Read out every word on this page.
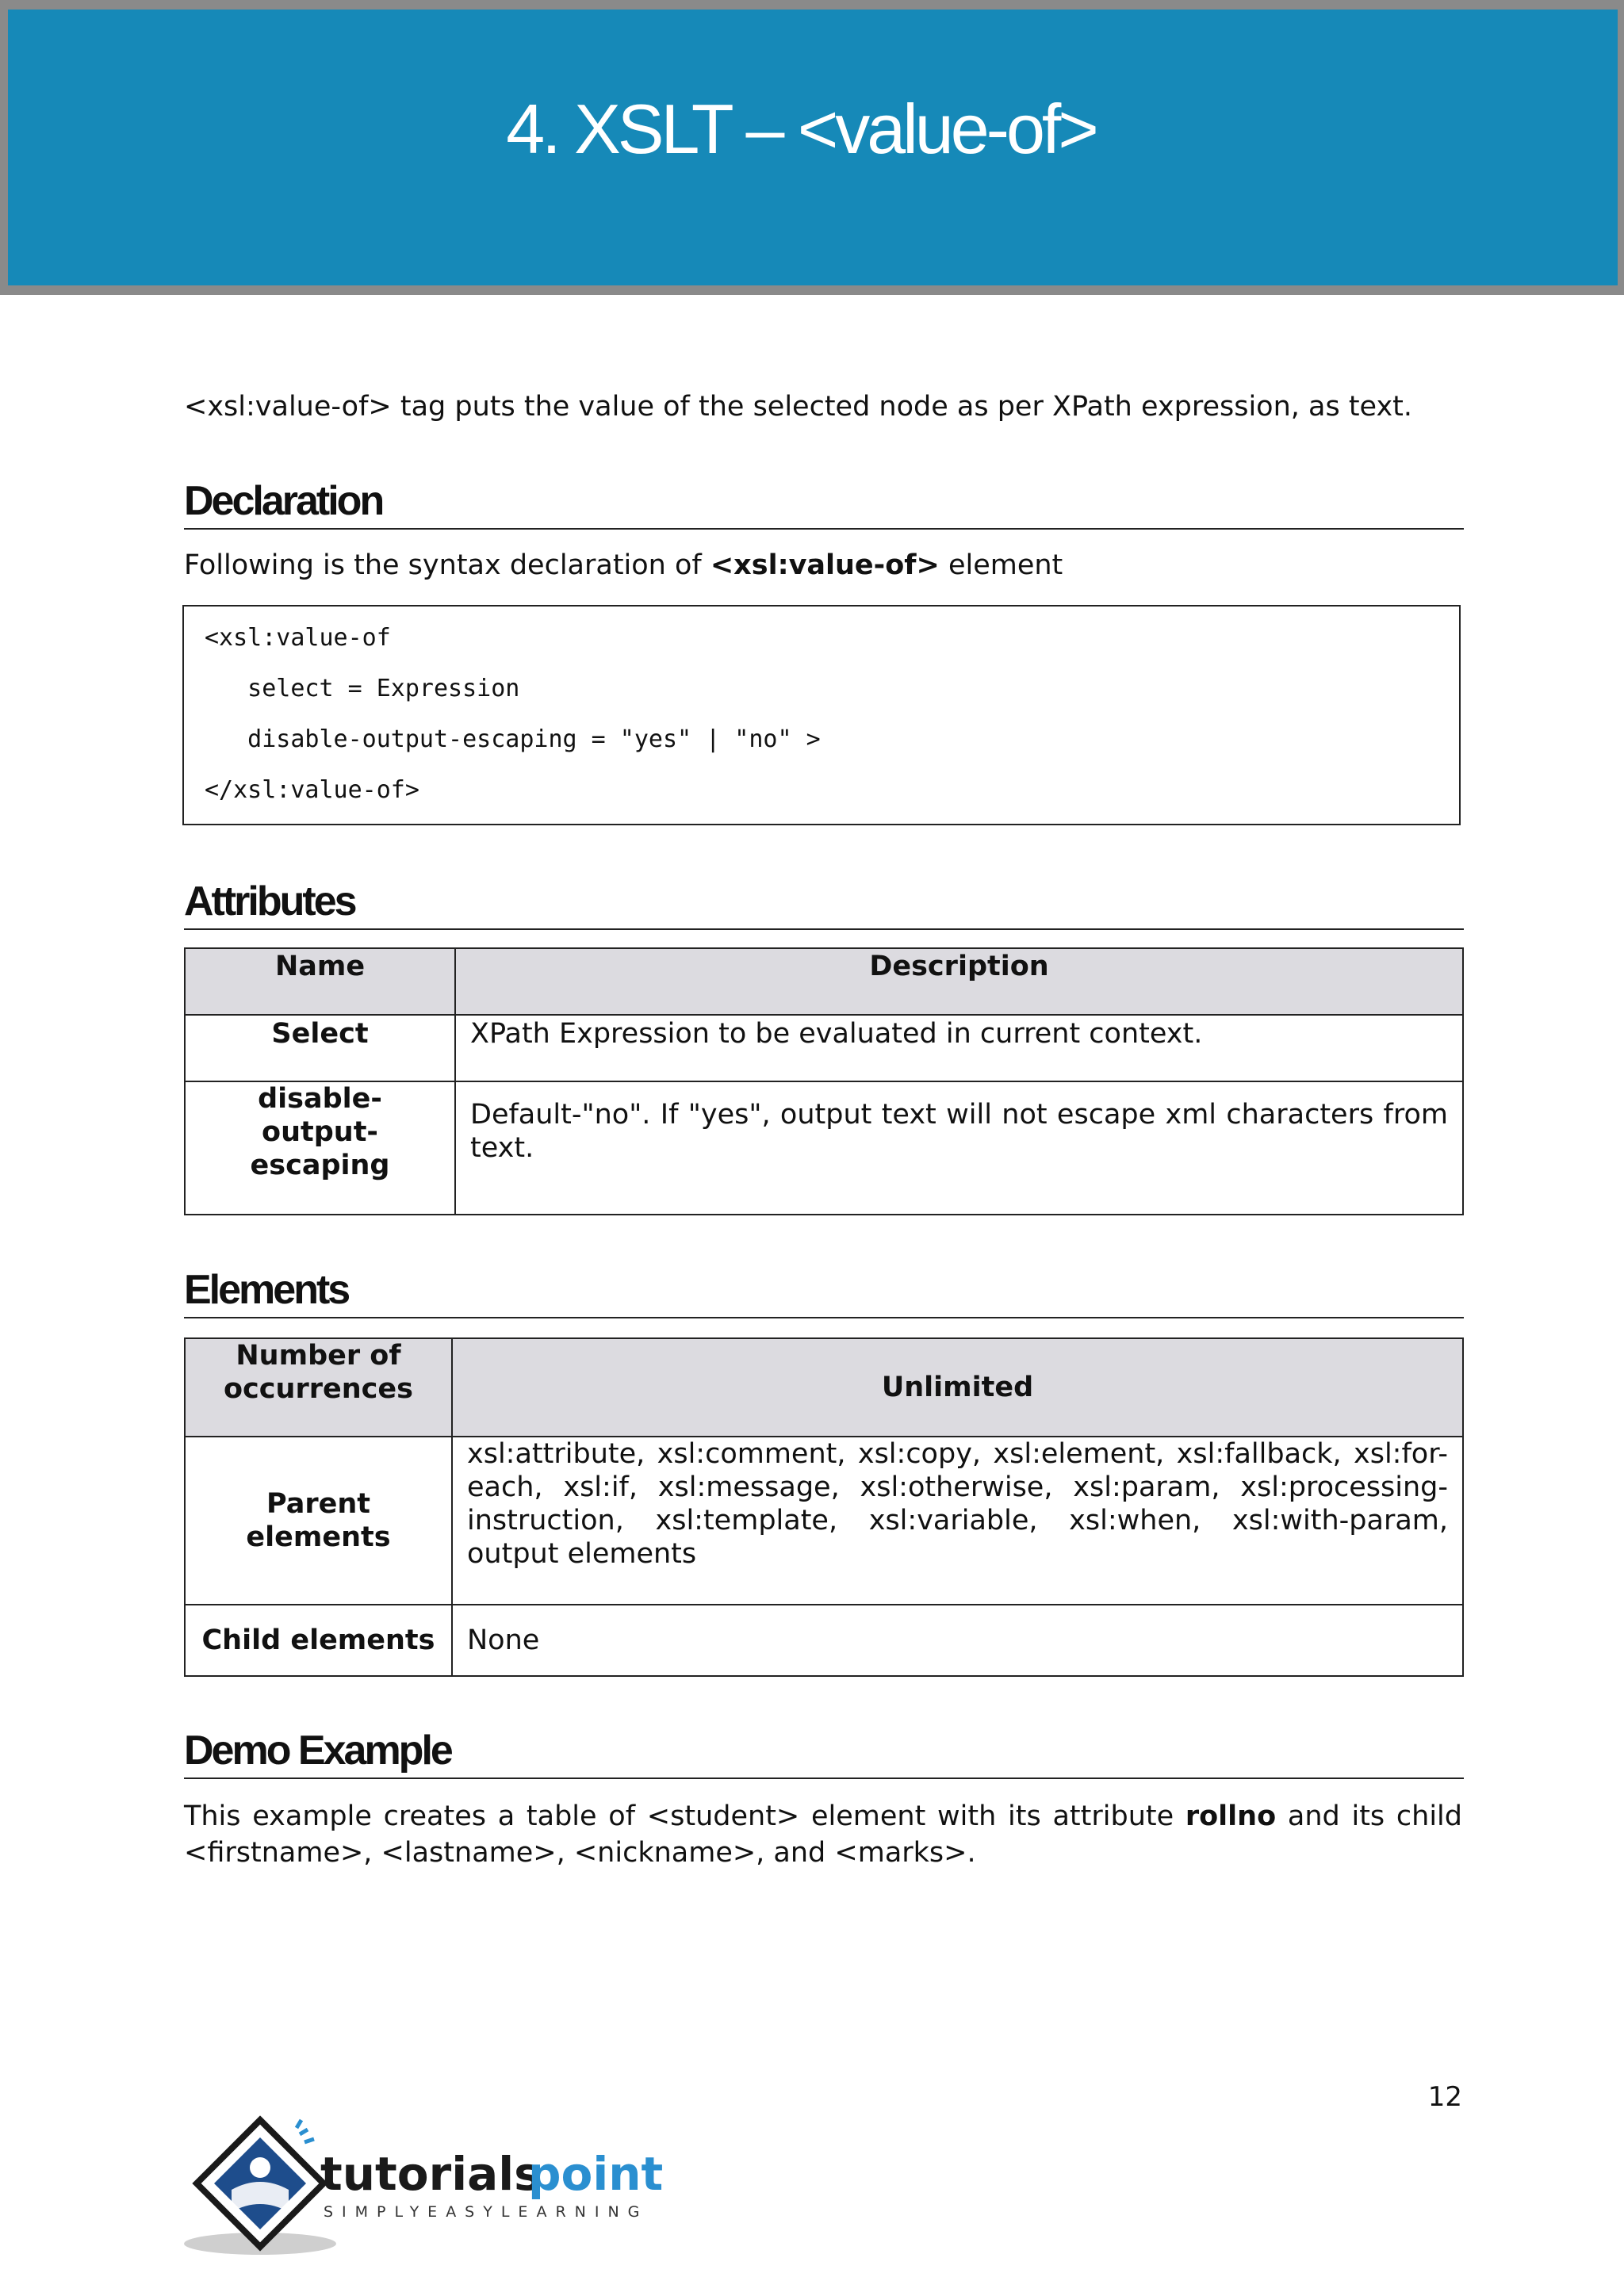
4. XSLT – <value-of>

<xsl:value-of> tag puts the value of the selected node as per XPath expression, as text.

Declaration

Following is the syntax declaration of <xsl:value-of> element

<xsl:value-of
select = Expression
disable-output-escaping = "yes" | "no" >
</xsl:value-of>
Attributes
Name	Description
Select	XPath Expression to be evaluated in current context.
disable-output-escaping	Default-"no". If "yes", output text will not escape xml characters from text.
Elements
Number of occurrences	Unlimited
Parent elements	xsl:attribute, xsl:comment, xsl:copy, xsl:element, xsl:fallback, xsl:for-each, xsl:if, xsl:message, xsl:otherwise, xsl:param, xsl:processing-instruction, xsl:template, xsl:variable, xsl:when, xsl:with-param, output elements
Child elements	None
Demo Example

This example creates a table of <student> element with its attribute rollno and its child <firstname>, <lastname>, <nickname>, and <marks>.

12

tutorials
point
SIMPLYEASYLEARNING
